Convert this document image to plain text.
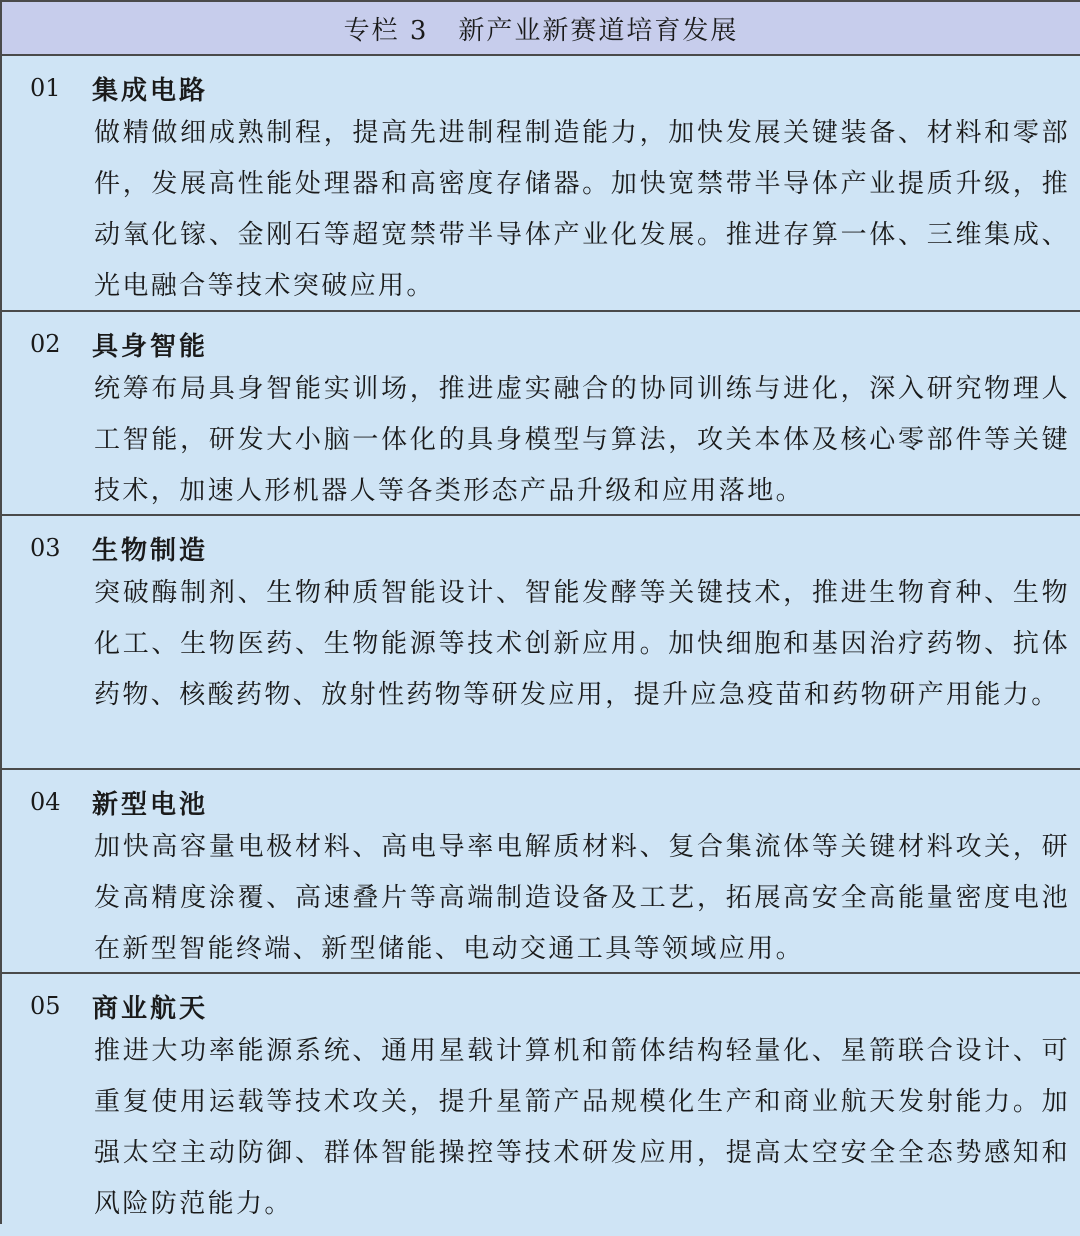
专栏 3 新产业新赛道培育发展
01	集成电路
做精做细成熟制程，提高先进制程制造能力，加快发展关键装备、材料和零部件，发展高性能处理器和高密度存储器。加快宽禁带半导体产业提质升级，推动氧化镓、金刚石等超宽禁带半导体产业化发展。推进存算一体、三维集成、光电融合等技术突破应用。
02	具身智能
统筹布局具身智能实训场，推进虚实融合的协同训练与进化，深入研究物理人工智能，研发大小脑一体化的具身模型与算法，攻关本体及核心零部件等关键技术，加速人形机器人等各类形态产品升级和应用落地。
03	生物制造
突破酶制剂、生物种质智能设计、智能发酵等关键技术，推进生物育种、生物化工、生物医药、生物能源等技术创新应用。加快细胞和基因治疗药物、抗体药物、核酸药物、放射性药物等研发应用，提升应急疫苗和药物研产用能力。
04	新型电池
加快高容量电极材料、高电导率电解质材料、复合集流体等关键材料攻关，研发高精度涂覆、高速叠片等高端制造设备及工艺，拓展高安全高能量密度电池在新型智能终端、新型储能、电动交通工具等领域应用。
05	商业航天
推进大功率能源系统、通用星载计算机和箭体结构轻量化、星箭联合设计、可重复使用运载等技术攻关，提升星箭产品规模化生产和商业航天发射能力。加强太空主动防御、群体智能操控等技术研发应用，提高太空安全全态势感知和风险防范能力。
